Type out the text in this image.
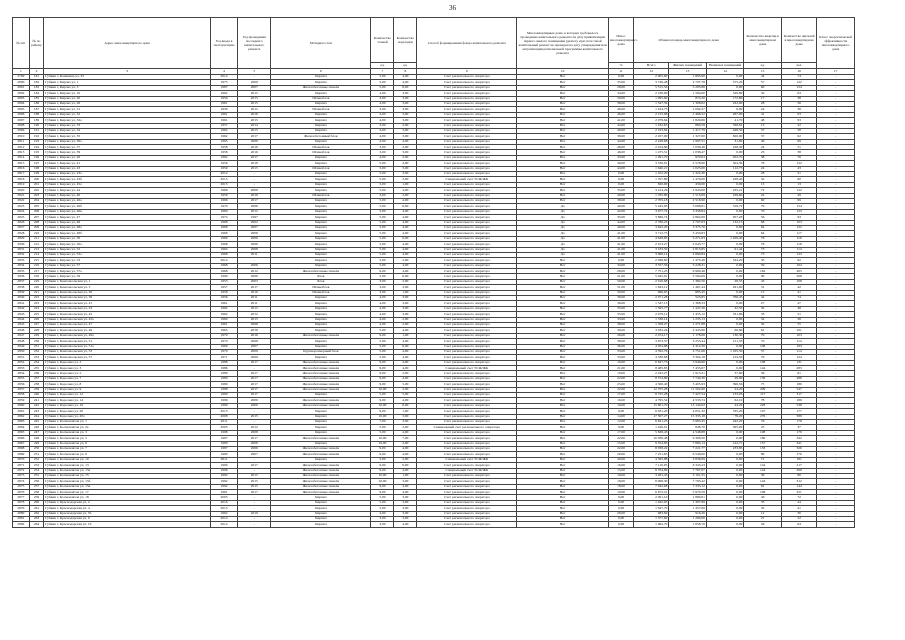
36
№ п/п	№ по району	Адрес многоквартирного дома	Год ввода в эксплуатацию	Год проведения последнего капитального ремонта	Материал стен	Количество этажей	Количество подъездов	Способ формирования фонда капитального ремонта	Многоквартирные дома, в которых требовалось проведение капитального ремонта на дату приватизации первого жилого помещения (да/нет), при этом такой капитальный ремонт не проведен на дату утверждения или актуализации региональной программы капитального ремонта	Износ многоквартирного дома	Общая площадь многоквартирного дома			Количество квартир в многоквартирном доме	Количество жителей в многоквартирном доме	Класс энергетической эффективности многоквартирного дома
						ед.	ед.			%	Всего	Жилых помещений	Нежилых помещений	ед.	чел.	
1	2	3	4	5	6	7	8	9	10	11	12	13	14	15	16	17
2799	181	Губкин г, Калинина ул, 33	2014	-	Кирпич	5,00	4,00	Счет регионального оператора	Нет	0,00	2 005,60	1 895,60	0,00	44	74	-
2800	182	Губкин г, Кирова ул, 1	1975	2009	Кирпич	5,00	4,00	Счет регионального оператора	Нет	35,00	3 746,48	2 707,78	575,20	57	122	-
2801	183	Губкин г, Кирова ул, 3	1987	2007	Железобетонные панели	5,00	8,00	Счет регионального оператора	Нет	28,00	5 515,56	5 285,86	0,00	60	154	-
2802	184	Губкин г, Кирова ул, 10	1962	2015	Кирпич	4,00	3,00	Счет регионального оператора	Нет	34,00	2 236,00	1 584,00	526,80	32	63	-
2803	185	Губкин г, Кирова ул, 20	1959	2015	Шлакоблок	3,00	3,00	Счет регионального оператора	Нет	50,00	1 095,60	874,20	172,80	17	38	-
2804	186	Губкин г, Кирова ул, 26	1961	2015	Кирпич	4,00	3,00	Счет регионального оператора	Нет	38,00	1 547,59	1 308,02	222,00	28	56	-
2805	187	Губкин г, Кирова ул, 31	1956	2012	Шлакоблок	3,00	3,00	Счет регионального оператора	Нет	46,00	1 224,73	1 092,27	0,00	24	36	-
2806	188	Губкин г, Кирова ул, 32	1961	2016	Кирпич	4,00	3,00	Счет регионального оператора	Нет	46,00	2 155,08	1 466,52	267,00	41	63	-
2807	189	Губкин г, Кирова ул, 32а	1961	2015	Кирпич	4,00	3,00	Счет регионального оператора	Нет	41,00	2 079,64	1 820,06	41,70	48	93	-
2808	190	Губкин г, Кирова ул, 33	1957	2014	Кирпич	3,00	2,00	Счет регионального оператора	Нет	44,00	1 232,65	884,59	336,81	13	22	-
2809	191	Губкин г, Кирова ул, 34	1962	2015	Кирпич	4,00	3,00	Счет регионального оператора	Нет	40,00	2 193,84	1 417,79	448,50	37	58	-
2810	192	Губкин г, Кирова ул, 35	1962	2017	Железобетонный блок	4,00	3,00	Счет регионального оператора	Нет	38,00	2 457,00	1 327,00	820,00	37	62	-
2811	193	Губкин г, Кирова ул, 36а	1965	2009	Кирпич	4,00	4,00	Счет регионального оператора	Нет	44,00	2 228,68	1 997,51	31,60	49	69	-
2812	194	Губкин г, Кирова ул, 37	1958	2016	Шлакоблок	3,00	2,00	Счет регионального оператора	Нет	48,00	2 104,80	1 039,46	228,30	24	51	-
2813	195	Губкин г, Кирова ул, 39	1958	2016	Шлакоблок	3,00	3,00	Счет регионального оператора	Нет	46,00	1 475,51	1 038,47	0,00	23	38	-
2814	196	Губкин г, Кирова ул, 40	1962	2017	Кирпич	4,00	2,00	Счет регионального оператора	Нет	43,00	1 491,70	970,04	452,70	38	76	-
2815	197	Губкин г, Кирова ул, 41	1956	2018	Кирпич	5,00	4,00	Счет регионального оператора	Нет	40,00	3 539,01	2 578,90	504,39	76	122	-
2816	198	Губкин г, Кирова ул, 43	1959	2015	Шлакоблок	3,00	3,00	Счет регионального оператора	Нет	44,00	1 640,21	1 025,00	112,75	24	43	-
2817	199	Губкин г, Кирова ул, 43а	2014	-	Кирпич	5,00	3,00	Счет регионального оператора	Нет	0,00	1 452,20	1 322,30	0,00	28	51	-
2818	200	Губкин г, Кирова ул, 43б	2015	-	Кирпич	5,00	3,00	Специальный счет ТСЖ/ЖК	Нет	0,00	1 707,80	1 479,00	228,40	32	60	-
2819	201	Губкин г, Кирова ул, 45а	2015	-	Кирпич	3,00	1,00	Счет регионального оператора	Нет	0,00	820,00	450,00	0,00	15	13	-
2820	202	Губкин г, Кирова ул, 44	1966	2008	Кирпич	5,00	4,00	Счет регионального оператора	Нет	35,00	3 414,26	2 943,08	235,21	72	122	-
2821	203	Губкин г, Кирова ул, 46	1959	2016	Шлакоблок	3,00	2,00	Счет регионального оператора	Нет	49,00	1 765,80	1 515,09	169,60	24	49	-
2822	204	Губкин г, Кирова ул, 46а	1966	2017	Кирпич	5,00	4,00	Счет регионального оператора	Нет	38,00	2 705,18	2 518,90	0,00	60	99	-
2823	205	Губкин г, Кирова ул, 46б	1970	2006	Кирпич	5,00	6,00	Счет регионального оператора	Да	40,00	5 445,95	5 098,81	316,72	79	154	-
2824	206	Губкин г, Кирова ул, 46в	1969	2012	Кирпич	5,00	4,00	Счет регионального оператора	Да	42,00	3 677,74	3 458,84	0,00	70	123	-
2825	207	Губкин г, Кирова ул, 47	1974	1997	Кирпич	5,00	4,00	Счет регионального оператора	Да	35,00	3 869,74	2 862,09	957,28	56	93	-
2826	208	Губкин г, Кирова ул, 48	1968	2002	Кирпич	5,00	4,00	Счет регионального оператора	Да	44,00	2 780,23	2 707,03	132,15	68	103	-
2827	209	Губкин г, Кирова ул, 48а	1968	2007	Кирпич	5,00	4,00	Счет регионального оператора	Да	40,00	3 645,20	3 375,70	0,00	64	122	-
2828	210	Губкин г, Кирова ул, 48б	1968	2008	Кирпич	5,00	4,00	Счет регионального оператора	Да	41,00	3 712,75	3 450,83	0,00	64	117	-
2829	211	Губкин г, Кирова ул, 50	1969	2006	Кирпич	5,00	6,00	Счет регионального оператора	Да	41,00	4 628,85	3 271,83	1 459,40	76	119	-
2830	212	Губкин г, Кирова ул, 50а	1968	2006	Кирпич	5,00	4,00	Счет регионального оператора	Да	41,00	2 913,27	2 643,77	0,00	78	118	-
2831	213	Губкин г, Кирова ул, 52	1964	2008	Кирпич	5,00	4,00	Счет регионального оператора	Да	41,00	3 183,50	2 813,85	91,44	73	114	-
2832	214	Губкин г, Кирова ул, 52а	1968	2011	Кирпич	5,00	4,00	Счет регионального оператора	Да	41,00	3 068,14	2 890,84	0,00	73	123	-
2833	215	Губкин г, Кирова ул, 53	2014	-	Кирпич	5,00	2,00	Счет регионального оператора	Нет	0,00	2 048,60	1 475,40	524,20	35	92	-
2834	216	Губкин г, Кирова ул, 57	1968	2006	Кирпич	5,00	4,00	Счет регионального оператора	Нет	34,00	3 557,56	3 228,31	0,00	59	104	-
2835	217	Губкин г, Кирова ул, 57а	1968	2012	Железобетонные панели	9,00	4,00	Счет регионального оператора	Нет	28,00	7 751,23	6 990,46	0,00	162	265	-
2836	218	Губкин г, Кирова ул, 59	1990	2006	Блок	5,00	6,00	Счет регионального оператора	Нет	21,00	5 945,01	5 564,69	0,00	90	208	-
2837	219	Губкин г, Комсомольская ул, 1	1953	2003	Блок	3,00	2,00	Счет регионального оператора	Нет	59,00	2 010,68	1 382,50	28,55	43	108	-
2838	220	Губкин г, Комсомольская ул, 5	1957	2017	Шлакоблок	3,00	3,00	Счет регионального оператора	Нет	51,00	1 843,12	1 467,44	291,00	31	42	-
2839	221	Губкин г, Комсомольская ул, 20	1958	2016	Шлакоблок	3,00	1,00	Счет регионального оператора	Нет	50,00	966,65	885,45	0,00	13	41	-
2840	222	Губкин г, Комсомольская ул, 39	1956	2011	Кирпич	4,00	3,00	Счет регионального оператора	Нет	39,00	2 071,28	523,65	766,45	42	74	-
2841	223	Губкин г, Комсомольская ул, 41	1961	2011	Кирпич	4,00	3,00	Счет регионального оператора	Нет	36,00	1 547,13	1 368,33	0,00	27	47	-
2842	224	Губкин г, Комсомольская ул, 43	1962	2015	Кирпич	4,00	3,00	Счет регионального оператора	Нет	35,00	1 595,77	1 447,26	42,50	32	48	-
2843	225	Губкин г, Комсомольская ул, 45	1962	2012	Кирпич	4,00	3,00	Счет регионального оператора	Нет	35,00	2 079,12	1 455,12	331,86	33	51	-
2844	226	Губкин г, Комсомольская ул, 45а	1960	2015	Кирпич	4,00	2,00	Счет регионального оператора	Нет	33,00	1 530,14	1 235,13	0,00	32	36	-
2845	227	Губкин г, Комсомольская ул, 47	1961	2008	Кирпич	4,00	2,00	Счет регионального оператора	Нет	38,00	1 358,27	1 271,88	0,00	32	55	-
2846	228	Губкин г, Комсомольская ул, 49	1965	2018	Кирпич	5,00	4,00	Счет регионального оператора	Нет	39,00	3 032,24	2 445,90	66,80	61	101	-
2847	229	Губкин г, Комсомольская ул, 49а	1970	2016	Железобетонные панели	9,00	1,00	Счет регионального оператора	Нет	26,00	2 474,17	1 178,06	130,30	70	103	-
2848	230	Губкин г, Комсомольская ул, 51	1970	2008	Кирпич	5,00	4,00	Счет регионального оператора	Нет	36,00	3 673,37	3 253,44	151,33	70	114	-
2849	231	Губкин г, Комсомольская ул, 51а	1969	2007	Кирпич	5,00	6,00	Счет регионального оператора	Нет	36,00	4 954,88	4 312,50	0,00	106	193	-
2850	232	Губкин г, Комсомольская ул, 53	1970	2009	Крупноразмерный блок	5,00	4,00	Счет регионального оператора	Нет	33,00	4 592,76	2 751,06	1 165,50	57	114	-
2851	233	Губкин г, Комсомольская ул, 57	1971	2009	Кирпич	5,00	4,00	Счет регионального оператора	Нет	33,00	4 330,68	3 304,18	214,50	79	124	-
2852	234	Губкин г, Королева ул, 2	1988	2017	Железобетонные панели	9,00	4,00	Счет регионального оператора	Нет	19,00	6 627,73	5 946,80	0,00	108	131	-
2853	235	Губкин г, Королева ул, 3	1986	-	Железобетонные панели	9,00	4,00	Специальный счет ТСЖ/ЖК	Нет	21,00	8 485,85	7 455,07	0,00	144	283	-
2854	236	Губкин г, Королева ул, 5	1989	2017	Железобетонные панели	9,00	2,00	Счет регионального оператора	Нет	19,00	2 222,27	1 915,21	37,60	36	81	-
2855	237	Губкин г, Королева ул, 7	1980	2017	Железобетонные панели	9,00	4,00	Счет регионального оператора	Нет	22,00	8 574,80	7 740,30	49,90	139	286	-
2856	238	Губкин г, Королева ул, 8	1980	2017	Железобетонные панели	9,00	5,00	Счет регионального оператора	Нет	25,00	4 560,40	3 405,93	396,56	75	180	-
2857	239	Губкин г, Королева ул, 9	1988	2017	Железобетонные панели	10,00	2,00	Счет регионального оператора	Нет	22,00	12 705,28	11 502,60	24,20	209	547	-
2858	240	Губкин г, Королева ул, 12	1990	2017	Кирпич	5,00	5,00	Счет регионального оператора	Нет	17,00	8 725,28	7 427,54	133,03	117	317	-
2859	241	Губкин г, Королева ул, 14	1996	2006	Железобетонные панели	9,00	4,00	Счет регионального оператора	Нет	16,00	4 795,54	4 533,74	62,10	78	186	-
2860	242	Губкин г, Королева ул, 16	1996	2006	Железобетонные панели	10,00	6,00	Счет регионального оператора	Нет	16,00	15 601,70	13 144,02	44,20	228	538	-
2861	243	Губкин г, Королева ул, 20	2013	-	Кирпич	9,00	1,00	Счет регионального оператора	Нет	0,00	6 031,20	4 051,32	535,20	107	177	-
2862	244	Губкин г, Королева ул, 20а	2008	2015	Кирпич	10,00	3,00	Счет регионального оператора	Нет	14,00	17 507,27	15 335,18	78,20	276	589	-
2863	245	Губкин г, Космонавтов ул, 1	2011	-	Кирпич	7,00	3,00	Счет регионального оператора	Нет	12,00	6 821,23	5 983,45	442,20	76	178	-
2864	246	Губкин г, Космонавтов ул, 2а	2003	2012	Кирпич	5,00	2,00	Специальный счет регионального оператора	Нет	9,00	1 426,01	848,70	565,09	25	37	-
2865	247	Губкин г, Космонавтов ул, 3	1998	2008	Кирпич	5,00	4,00	Счет регионального оператора	Нет	17,00	5 828,43	4 548,88	0,00	108	179	-
2866	248	Губкин г, Космонавтов ул, 5	1997	2017	Железобетонные панели	10,00	7,00	Счет регионального оператора	Нет	22,00	10 930,48	9 306,50	0,00	180	342	-
2867	249	Губкин г, Космонавтов ул, 6	1990	2006	Кирпич	10,00	4,00	Счет регионального оператора	Нет	15,00	9 554,83	7 884,14	122,71	157	341	-
2868	250	Губкин г, Космонавтов ул, 7	1987	2006	Железобетонные панели	9,00	4,00	Счет регионального оператора	Нет	22,00	8 058,22	7 221,77	233,85	133	326	-
2869	251	Губкин г, Космонавтов ул, 9	1990	2007	Железобетонные панели	9,00	4,00	Счет регионального оператора	Нет	20,00	7 251,65	6 549,00	0,00	89	176	-
2870	252	Губкин г, Космонавтов ул, 10	2011	-	Кирпич	5,00	2,00	Специальный счет ТСЖ/ЖК	Нет	20,00	4 565,88	3 836,09	0,00	71	181	-
2871	253	Губкин г, Космонавтов ул, 13	1990	2017	Железобетонные панели	9,00	8,00	Счет регионального оператора	Нет	16,00	7 110,05	6 343,23	0,00	144	217	-
2872	254	Губкин г, Космонавтов ул, 13а	1996	-	Железобетонные панели	9,00	4,00	Специальный счет ТСЖ/ЖК	Нет	15,00	8 764,80	7 767,07	0,00	144	269	-
2873	255	Губкин г, Космонавтов ул, 15	1992	2015	Железобетонные панели	10,00	1,00	Счет регионального оператора	Нет	16,00	3 281,45	3 101,55	0,00	36	80	-
2874	256	Губкин г, Космонавтов ул, 15б	1992	2015	Железобетонные панели	10,00	3,00	Счет регионального оператора	Нет	18,00	8 008,30	7 793,42	0,00	144	312	-
2875	257	Губкин г, Космонавтов ул, 15в	1992	2015	Железобетонные панели	9,00	4,00	Счет регионального оператора	Нет	18,00	7 942,68	7 333,12	0,00	81	144	-
2876	258	Губкин г, Космонавтов ул, 17	1991	2017	Железобетонные панели	9,00	4,00	Счет регионального оператора	Нет	19,00	6 672,21	5 970,59	0,00	108	251	-
2877	259	Губкин г, Космонавтов ул, 18	2003	-	Кирпич	5,00	3,00	Счет регионального оператора	Нет	9,00	2 091,10	1 880,01	0,00	46	72	-
2878	260	Губкин г, Краснодарская ул, 2	2016	-	Кирпич	5,00	3,00	Счет регионального оператора	Нет	0,00	1 942,95	1 307,99	0,00	33	44	-
2879	261	Губкин г, Краснодарская ул, 4	2015	-	Кирпич	5,00	3,00	Счет регионального оператора	Нет	0,00	1 647,70	1 457,00	0,00	32	41	-
2880	262	Губкин г, Краснодарская ул, 5б	1962	2019	Кирпич	4,00	3,00	Счет регионального оператора	Нет	29,00	983,60	916,26	0,00	12	30	-
2881	263	Губкин г, Краснодарская ул, 9	2014	-	Кирпич	3,00	3,00	Счет регионального оператора	Нет	0,00	1 377,60	1 280,00	0,00	27	52	-
2882	264	Губкин г, Краснодарская ул, 19	2014	-	Кирпич	3,00	4,00	Счет регионального оператора	Нет	0,00	1 992,70	1 658,70	0,00	26	64	-
